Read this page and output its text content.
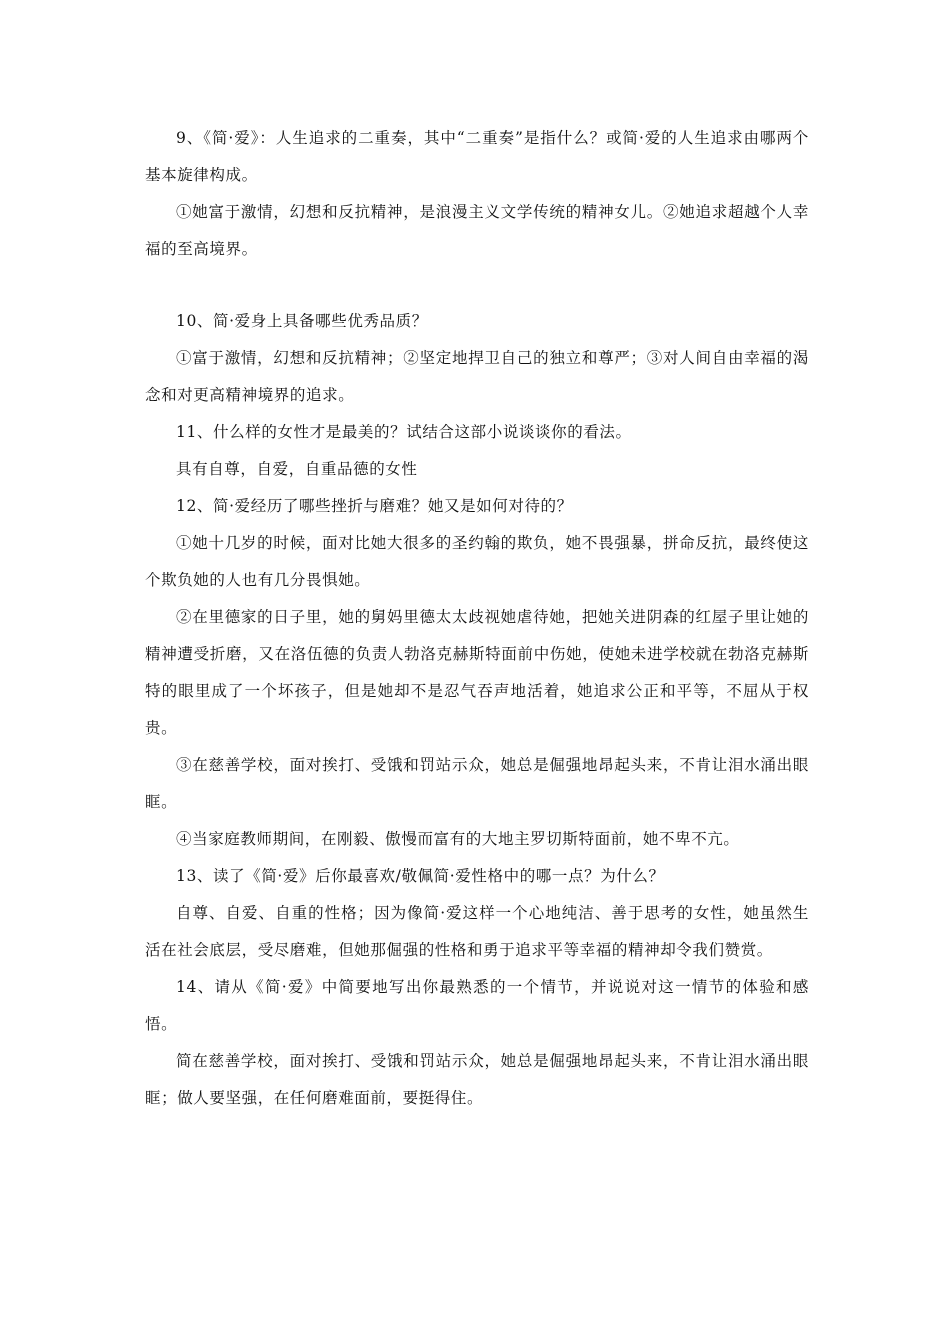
9、《简·爱》：人生追求的二重奏，其中“二重奏”是指什么？或简·爱的人生追求由哪两个基本旋律构成。

①她富于激情，幻想和反抗精神，是浪漫主义文学传统的精神女儿。②她追求超越个人幸福的至高境界。

10、简·爱身上具备哪些优秀品质？

①富于激情，幻想和反抗精神；②坚定地捍卫自己的独立和尊严；③对人间自由幸福的渴念和对更高精神境界的追求。

11、什么样的女性才是最美的？试结合这部小说谈谈你的看法。

具有自尊，自爱，自重品德的女性

12、简·爱经历了哪些挫折与磨难？她又是如何对待的？

①她十几岁的时候，面对比她大很多的圣约翰的欺负，她不畏强暴，拼命反抗，最终使这个欺负她的人也有几分畏惧她。

②在里德家的日子里，她的舅妈里德太太歧视她虐待她，把她关进阴森的红屋子里让她的精神遭受折磨，又在洛伍德的负责人勃洛克赫斯特面前中伤她，使她未进学校就在勃洛克赫斯特的眼里成了一个坏孩子，但是她却不是忍气吞声地活着，她追求公正和平等，不屈从于权贵。

③在慈善学校，面对挨打、受饿和罚站示众，她总是倔强地昂起头来，不肯让泪水涌出眼眶。

④当家庭教师期间，在刚毅、傲慢而富有的大地主罗切斯特面前，她不卑不亢。

13、读了《简·爱》后你最喜欢/敬佩简·爱性格中的哪一点？为什么？

自尊、自爱、自重的性格；因为像简·爱这样一个心地纯洁、善于思考的女性，她虽然生活在社会底层，受尽磨难，但她那倔强的性格和勇于追求平等幸福的精神却令我们赞赏。

14、请从《简·爱》中简要地写出你最熟悉的一个情节，并说说对这一情节的体验和感悟。

简在慈善学校，面对挨打、受饿和罚站示众，她总是倔强地昂起头来，不肯让泪水涌出眼眶；做人要坚强，在任何磨难面前，要挺得住。
